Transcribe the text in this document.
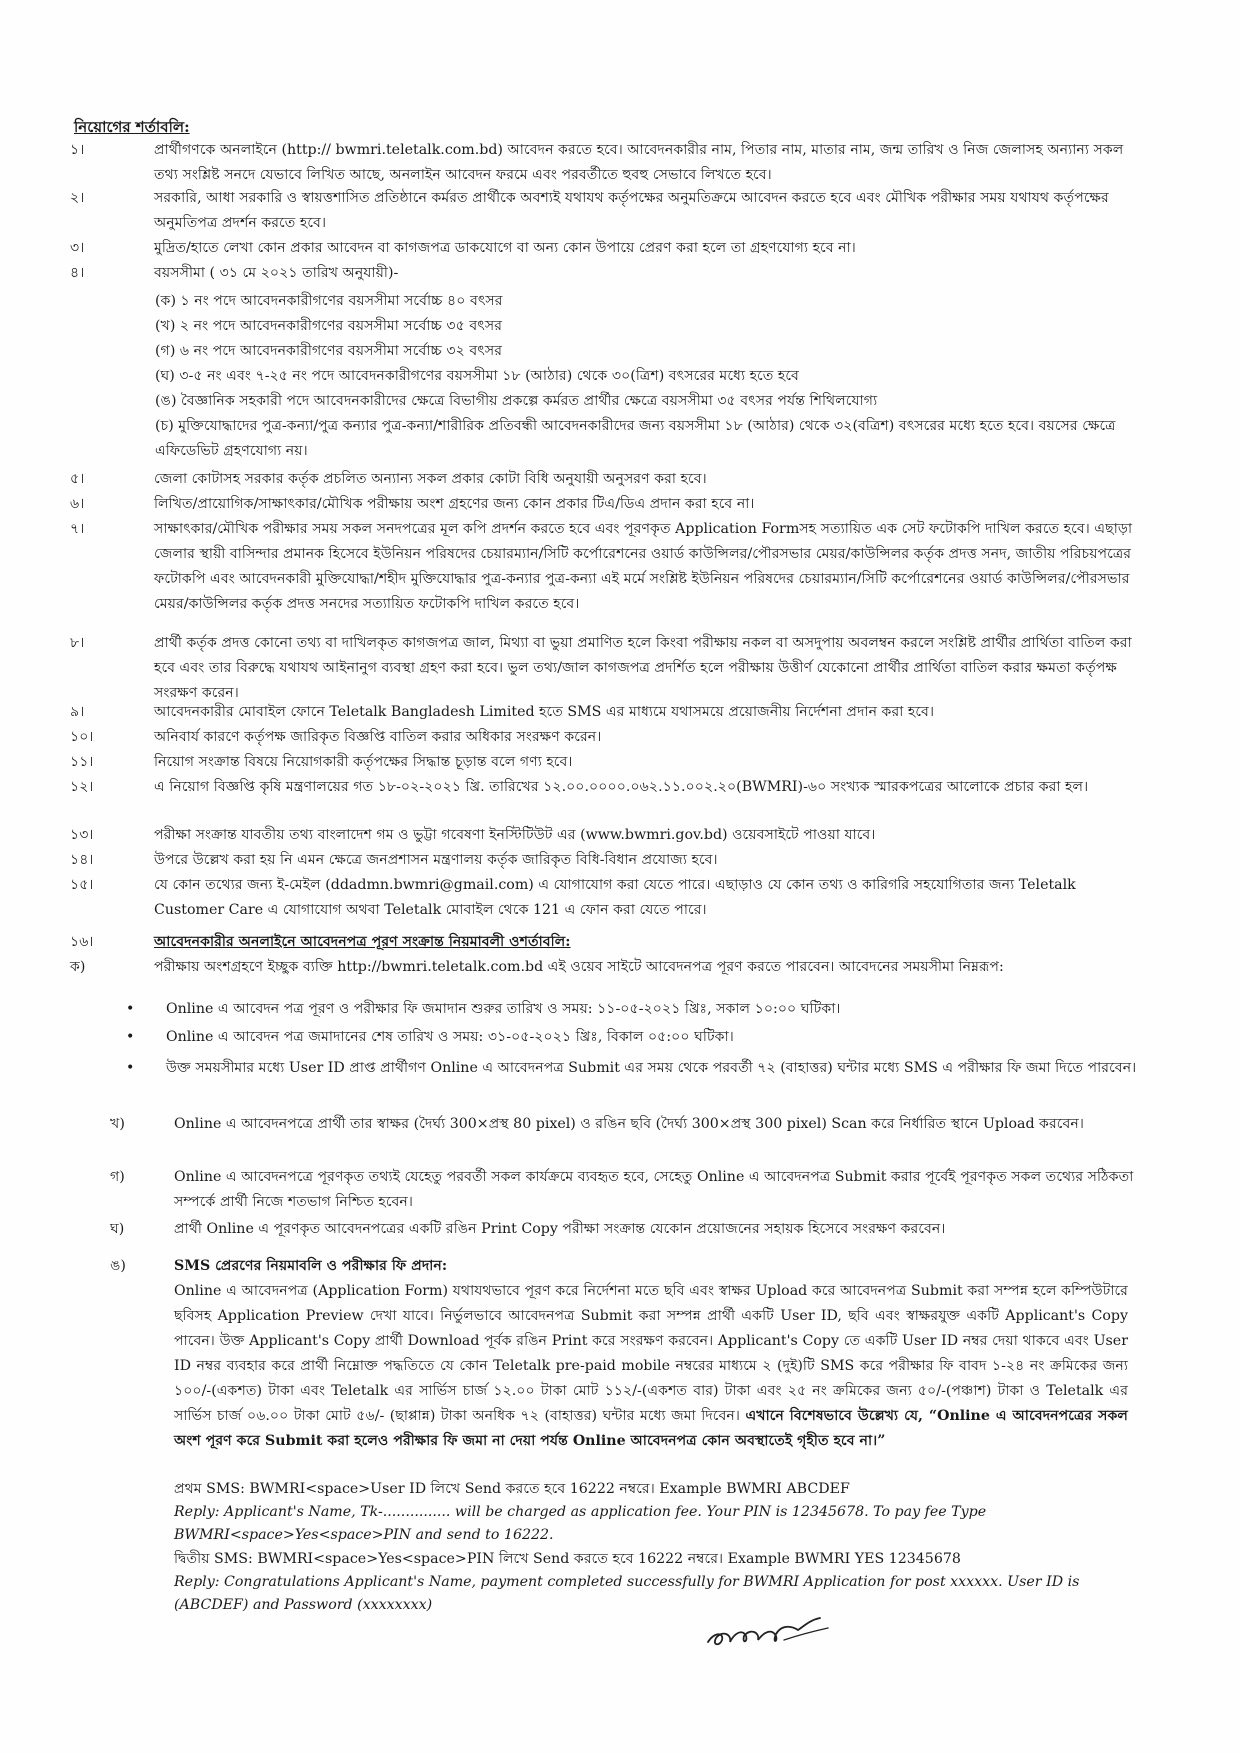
নিয়োগের শর্তাবলি:

১।	প্রার্থীগণকে অনলাইনে (http:// bwmri.teletalk.com.bd) আবেদন করতে হবে। আবেদনকারীর নাম, পিতার নাম, মাতার নাম, জন্ম তারিখ ও নিজ জেলাসহ অন্যান্য সকল তথ্য সংশ্লিষ্ট সনদে যেভাবে লিখিত আছে, অনলাইন আবেদন ফরমে এবং পরবর্তীতে হুবহু সেভাবে লিখতে হবে।
২।	সরকারি, আধা সরকারি ও স্বায়ত্তশাসিত প্রতিষ্ঠানে কর্মরত প্রার্থীকে অবশ্যই যথাযথ কর্তৃপক্ষের অনুমতিক্রমে আবেদন করতে হবে এবং মৌখিক পরীক্ষার সময় যথাযথ কর্তৃপক্ষের অনুমতিপত্র প্রদর্শন করতে হবে।
৩।	মুদ্রিত/হাতে লেখা কোন প্রকার আবেদন বা কাগজপত্র ডাকযোগে বা অন্য কোন উপায়ে প্রেরণ করা হলে তা গ্রহণযোগ্য হবে না।
৪।	বয়সসীমা ( ৩১ মে ২০২১ তারিখ অনুযায়ী)-

(ক) ১ নং পদে আবেদনকারীগণের বয়সসীমা সর্বোচ্চ ৪০ বৎসর

(খ) ২ নং পদে আবেদনকারীগণের বয়সসীমা সর্বোচ্চ ৩৫ বৎসর

(গ) ৬ নং পদে আবেদনকারীগণের বয়সসীমা সর্বোচ্চ ৩২ বৎসর

(ঘ) ৩-৫ নং এবং ৭-২৫ নং পদে আবেদনকারীগণের বয়সসীমা ১৮ (আঠার) থেকে ৩০(ত্রিশ) বৎসরের মধ্যে হতে হবে

(ঙ) বৈজ্ঞানিক সহকারী পদে আবেদনকারীদের ক্ষেত্রে বিভাগীয় প্রকল্পে কর্মরত প্রার্থীর ক্ষেত্রে বয়সসীমা ৩৫ বৎসর পর্যন্ত শিথিলযোগ্য

(চ) মুক্তিযোদ্ধাদের পুত্র-কন্যা/পুত্র কন্যার পুত্র-কন্যা/শারীরিক প্রতিবন্ধী আবেদনকারীদের জন্য বয়সসীমা ১৮ (আঠার) থেকে ৩২(বত্রিশ) বৎসরের মধ্যে হতে হবে। বয়সের ক্ষেত্রে এফিডেভিট গ্রহণযোগ্য নয়।

৫।	জেলা কোটাসহ সরকার কর্তৃক প্রচলিত অন্যান্য সকল প্রকার কোটা বিধি অনুযায়ী অনুসরণ করা হবে।
৬।	লিখিত/প্রায়োগিক/সাক্ষাৎকার/মৌখিক পরীক্ষায় অংশ গ্রহণের জন্য কোন প্রকার টিএ/ডিএ প্রদান করা হবে না।
৭।	সাক্ষাৎকার/মৌখিক পরীক্ষার সময় সকল সনদপত্রের মূল কপি প্রদর্শন করতে হবে এবং পূরণকৃত Application Formসহ সত্যায়িত এক সেট ফটোকপি দাখিল করতে হবে। এছাড়া জেলার স্থায়ী বাসিন্দার প্রমানক হিসেবে ইউনিয়ন পরিষদের চেয়ারম্যান/সিটি কর্পোরেশনের ওয়ার্ড কাউন্সিলর/পৌরসভার মেয়র/কাউন্সিলর কর্তৃক প্রদত্ত সনদ, জাতীয় পরিচয়পত্রের ফটোকপি এবং আবেদনকারী মুক্তিযোদ্ধা/শহীদ মুক্তিযোদ্ধার পুত্র-কন্যার পুত্র-কন্যা এই মর্মে সংশ্লিষ্ট ইউনিয়ন পরিষদের চেয়ারম্যান/সিটি কর্পোরেশনের ওয়ার্ড কাউন্সিলর/পৌরসভার মেয়র/কাউন্সিলর কর্তৃক প্রদত্ত সনদের সত্যায়িত ফটোকপি দাখিল করতে হবে।
৮।	প্রার্থী কর্তৃক প্রদত্ত কোনো তথ্য বা দাখিলকৃত কাগজপত্র জাল, মিথ্যা বা ভুয়া প্রমাণিত হলে কিংবা পরীক্ষায় নকল বা অসদুপায় অবলম্বন করলে সংশ্লিষ্ট প্রার্থীর প্রার্থিতা বাতিল করা হবে এবং তার বিরুদ্ধে যথাযথ আইনানুগ ব্যবস্থা গ্রহণ করা হবে। ভুল তথ্য/জাল কাগজপত্র প্রদর্শিত হলে পরীক্ষায় উত্তীর্ণ যেকোনো প্রার্থীর প্রার্থিতা বাতিল করার ক্ষমতা কর্তৃপক্ষ সংরক্ষণ করেন।
৯।	আবেদনকারীর মোবাইল ফোনে Teletalk Bangladesh Limited হতে SMS এর মাধ্যমে যথাসময়ে প্রয়োজনীয় নির্দেশনা প্রদান করা হবে।
১০।	অনিবার্য কারণে কর্তৃপক্ষ জারিকৃত বিজ্ঞপ্তি বাতিল করার অধিকার সংরক্ষণ করেন।
১১।	নিয়োগ সংক্রান্ত বিষয়ে নিয়োগকারী কর্তৃপক্ষের সিদ্ধান্ত চূড়ান্ত বলে গণ্য হবে।
১২।	এ নিয়োগ বিজ্ঞপ্তি কৃষি মন্ত্রণালয়ের গত ১৮-০২-২০২১ খ্রি. তারিখের ১২.০০.০০০০.০৬২.১১.০০২.২০(BWMRI)-৬০ সংখ্যক স্মারকপত্রের আলোকে প্রচার করা হল।
১৩।	পরীক্ষা সংক্রান্ত যাবতীয় তথ্য বাংলাদেশ গম ও ভুট্টা গবেষণা ইনস্টিটিউট এর (www.bwmri.gov.bd) ওয়েবসাইটে পাওয়া যাবে।
১৪।	উপরে উল্লেখ করা হয় নি এমন ক্ষেত্রে জনপ্রশাসন মন্ত্রণালয় কর্তৃক জারিকৃত বিধি-বিধান প্রযোজ্য হবে।
১৫।	যে কোন তথ্যের জন্য ই-মেইল (ddadmn.bwmri@gmail.com) এ যোগাযোগ করা যেতে পারে। এছাড়াও যে কোন তথ্য ও কারিগরি সহযোগিতার জন্য Teletalk Customer Care এ যোগাযোগ অথবা Teletalk মোবাইল থেকে 121 এ ফোন করা যেতে পারে।
১৬।	আবেদনকারীর অনলাইনে আবেদনপত্র পূরণ সংক্রান্ত নিয়মাবলী ওশর্তাবলি:
ক)	পরীক্ষায় অংশগ্রহণে ইচ্ছুক ব্যক্তি http://bwmri.teletalk.com.bd এই ওয়েব সাইটে আবেদনপত্র পূরণ করতে পারবেন। আবেদনের সময়সীমা নিম্নরূপ:
•	Online এ আবেদন পত্র পূরণ ও পরীক্ষার ফি জমাদান শুরুর তারিখ ও সময়: ১১-০৫-২০২১ খ্রিঃ, সকাল ১০:০০ ঘটিকা।
•	Online এ আবেদন পত্র জমাদানের শেষ তারিখ ও সময়: ৩১-০৫-২০২১ খ্রিঃ, বিকাল ০৫:০০ ঘটিকা।
•	উক্ত সময়সীমার মধ্যে User ID প্রাপ্ত প্রার্থীগণ Online এ আবেদনপত্র Submit এর সময় থেকে পরবর্তী ৭২ (বাহাত্তর) ঘন্টার মধ্যে SMS এ পরীক্ষার ফি জমা দিতে পারবেন।
খ)	Online এ আবেদনপত্রে প্রার্থী তার স্বাক্ষর (দৈর্ঘ্য 300×প্রস্থ 80 pixel) ও রঙিন ছবি (দৈর্ঘ্য 300×প্রস্থ 300 pixel) Scan করে নির্ধারিত স্থানে Upload করবেন।
গ)	Online এ আবেদনপত্রে পূরণকৃত তথ্যই যেহেতু পরবর্তী সকল কার্যক্রমে ব্যবহৃত হবে, সেহেতু Online এ আবেদনপত্র Submit করার পূর্বেই পূরণকৃত সকল তথ্যের সঠিকতা সম্পর্কে প্রার্থী নিজে শতভাগ নিশ্চিত হবেন।
ঘ)	প্রার্থী Online এ পূরণকৃত আবেদনপত্রের একটি রঙিন Print Copy পরীক্ষা সংক্রান্ত যেকোন প্রয়োজনের সহায়ক হিসেবে সংরক্ষণ করবেন।
ঙ)	SMS প্রেরণের নিয়মাবলি ও পরীক্ষার ফি প্রদান:

Online এ আবেদনপত্র (Application Form) যথাযথভাবে পূরণ করে নির্দেশনা মতে ছবি এবং স্বাক্ষর Upload করে আবেদনপত্র Submit করা সম্পন্ন হলে কম্পিউটারে ছবিসহ Application Preview দেখা যাবে। নির্ভুলভাবে আবেদনপত্র Submit করা সম্পন্ন প্রার্থী একটি User ID, ছবি এবং স্বাক্ষরযুক্ত একটি Applicant's Copy পাবেন। উক্ত Applicant's Copy প্রার্থী Download পূর্বক রঙিন Print করে সংরক্ষণ করবেন। Applicant's Copy তে একটি User ID নম্বর দেয়া থাকবে এবং User ID নম্বর ব্যবহার করে প্রার্থী নিম্নোক্ত পদ্ধতিতে যে কোন Teletalk pre-paid mobile নম্বরের মাধ্যমে ২ (দুই)টি SMS করে পরীক্ষার ফি বাবদ ১-২৪ নং ক্রমিকের জন্য ১০০/-(একশত) টাকা এবং Teletalk এর সার্ভিস চার্জ ১২.০০ টাকা মোট ১১২/-(একশত বার) টাকা এবং ২৫ নং ক্রমিকের জন্য ৫০/-(পঞ্চাশ) টাকা ও Teletalk এর সার্ভিস চার্জ ০৬.০০ টাকা মোট ৫৬/- (ছাপ্পান্ন) টাকা অনধিক ৭২ (বাহাত্তর) ঘন্টার মধ্যে জমা দিবেন। এখানে বিশেষভাবে উল্লেখ্য যে, “Online এ আবেদনপত্রের সকল অংশ পূরণ করে Submit করা হলেও পরীক্ষার ফি জমা না দেয়া পর্যন্ত Online আবেদনপত্র কোন অবস্থাতেই গৃহীত হবে না।”

প্রথম SMS: BWMRI<space>User ID লিখে Send করতে হবে 16222 নম্বরে। Example BWMRI ABCDEF
Reply: Applicant's Name, Tk-............... will be charged as application fee. Your PIN is 12345678. To pay fee Type BWMRI<space>Yes<space>PIN and send to 16222.
দ্বিতীয় SMS: BWMRI<space>Yes<space>PIN লিখে Send করতে হবে 16222 নম্বরে। Example BWMRI YES 12345678
Reply: Congratulations Applicant's Name, payment completed successfully for BWMRI Application for post xxxxxx. User ID is (ABCDEF) and Password (xxxxxxxx)
